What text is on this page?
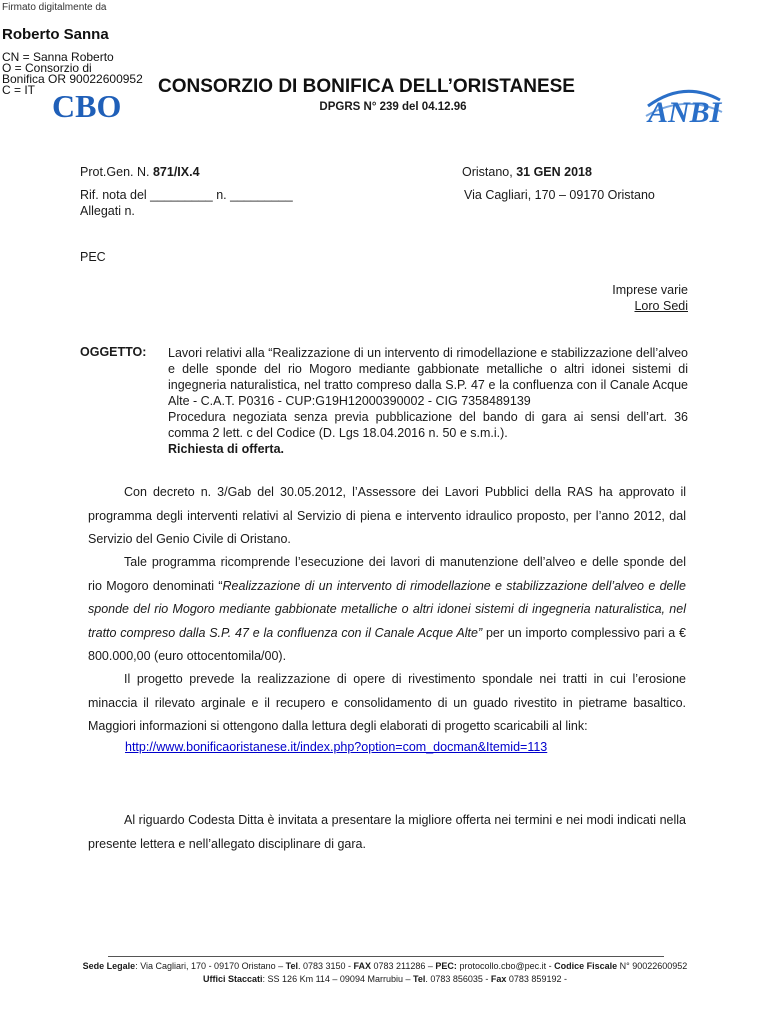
Firmato digitalmente da
Roberto Sanna
CN = Sanna Roberto
O = Consorzio di
Bonifica OR 90022600952
C = IT CBO	ANBI
CONSORZIO DI BONIFICA DELL’ORISTANESE
DPGRS N° 239 del 04.12.96
Prot.Gen. N. 871/IX.4
Rif. nota del _________ n. _________
Allegati n.
Oristano, 31 GEN 2018
Via Cagliari, 170 – 09170 Oristano
PEC
Imprese varie
Loro Sedi
OGGETTO: Lavori relativi alla “Realizzazione di un intervento di rimodellazione e stabilizzazione dell’alveo e delle sponde del rio Mogoro mediante gabbionate metalliche o altri idonei sistemi di ingegneria naturalistica, nel tratto compreso dalla S.P. 47 e la confluenza con il Canale Acque Alte - C.A.T. P0316 - CUP:G19H12000390002 - CIG 7358489139
Procedura negoziata senza previa pubblicazione del bando di gara ai sensi dell’art. 36 comma 2 lett. c del Codice (D. Lgs 18.04.2016 n. 50 e s.m.i.).
Richiesta di offerta.
Con decreto n. 3/Gab del 30.05.2012, l’Assessore dei Lavori Pubblici della RAS ha approvato il programma degli interventi relativi al Servizio di piena e intervento idraulico proposto, per l’anno 2012, dal Servizio del Genio Civile di Oristano.
Tale programma ricomprende l’esecuzione dei lavori di manutenzione dell’alveo e delle sponde del rio Mogoro denominati “Realizzazione di un intervento di rimodellazione e stabilizzazione dell’alveo e delle sponde del rio Mogoro mediante gabbionate metalliche o altri idonei sistemi di ingegneria naturalistica, nel tratto compreso dalla S.P. 47 e la confluenza con il Canale Acque Alte” per un importo complessivo pari a € 800.000,00 (euro ottocentomila/00).
Il progetto prevede la realizzazione di opere di rivestimento spondale nei tratti in cui l’erosione minaccia il rilevato arginale e il recupero e consolidamento di un guado rivestito in pietrame basaltico. Maggiori informazioni si ottengono dalla lettura degli elaborati di progetto scaricabili al link:
http://www.bonificaoristanese.it/index.php?option=com_docman&Itemid=113
Al riguardo Codesta Ditta è invitata a presentare la migliore offerta nei termini e nei modi indicati nella presente lettera e nell’allegato disciplinare di gara.
Sede Legale: Via Cagliari, 170 - 09170 Oristano – Tel. 0783 3150 - FAX 0783 211286 – PEC: protocollo.cbo@pec.it - Codice Fiscale N° 90022600952
Uffici Staccati: SS 126 Km 114 – 09094 Marrubiu – Tel. 0783 856035 - Fax 0783 859192 -
